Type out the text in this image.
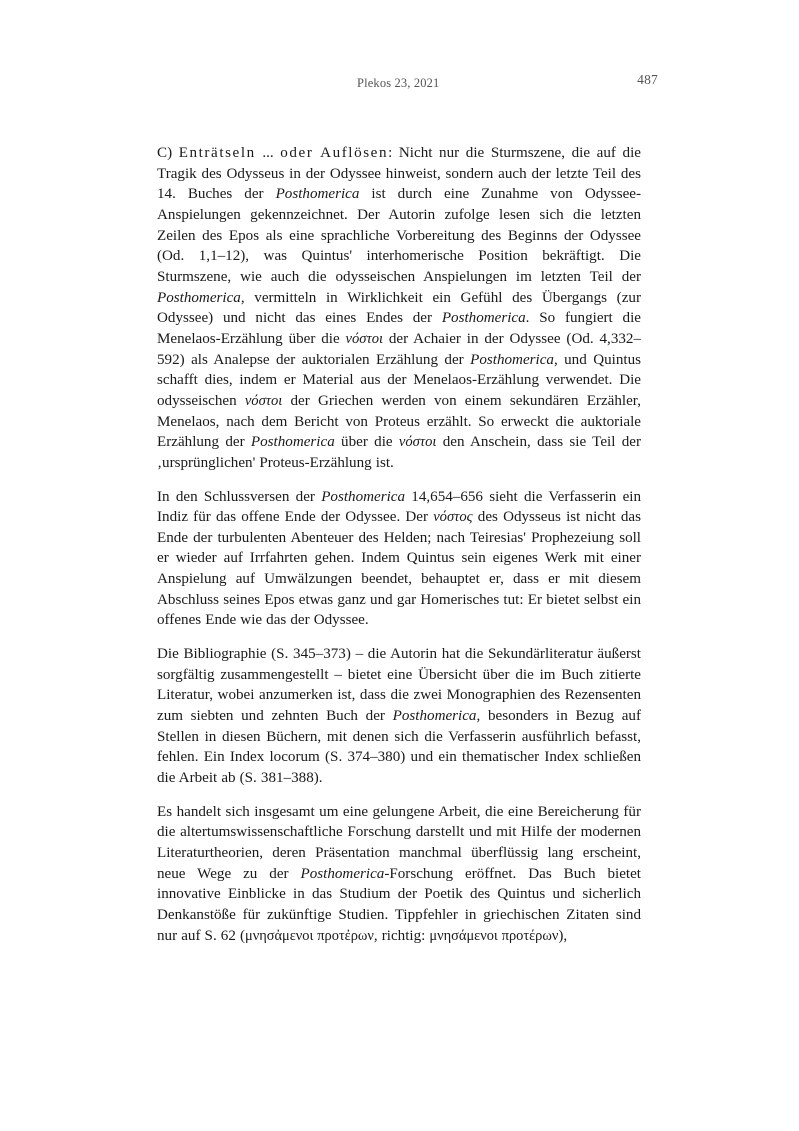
Plekos 23, 2021	487

C) Enträtseln ... oder Auflösen: Nicht nur die Sturmszene, die auf die Tragik des Odysseus in der Odyssee hinweist, sondern auch der letzte Teil des 14. Buches der Posthomerica ist durch eine Zunahme von Odyssee-Anspielungen gekennzeichnet. Der Autorin zufolge lesen sich die letzten Zeilen des Epos als eine sprachliche Vorbereitung des Beginns der Odyssee (Od. 1,1–12), was Quintus' interhomerische Position bekräftigt. Die Sturmszene, wie auch die odysseischen Anspielungen im letzten Teil der Posthomerica, vermitteln in Wirklichkeit ein Gefühl des Übergangs (zur Odyssee) und nicht das eines Endes der Posthomerica. So fungiert die Menelaos-Erzählung über die νόστοι der Achaier in der Odyssee (Od. 4,332–592) als Analepse der auktorialen Erzählung der Posthomerica, und Quintus schafft dies, indem er Material aus der Menelaos-Erzählung verwendet. Die odysseischen νόστοι der Griechen werden von einem sekundären Erzähler, Menelaos, nach dem Bericht von Proteus erzählt. So erweckt die auktoriale Erzählung der Posthomerica über die νόστοι den Anschein, dass sie Teil der ‚ursprünglichen' Proteus-Erzählung ist.

In den Schlussversen der Posthomerica 14,654–656 sieht die Verfasserin ein Indiz für das offene Ende der Odyssee. Der νόστος des Odysseus ist nicht das Ende der turbulenten Abenteuer des Helden; nach Teiresias' Prophezeiung soll er wieder auf Irrfahrten gehen. Indem Quintus sein eigenes Werk mit einer Anspielung auf Umwälzungen beendet, behauptet er, dass er mit diesem Abschluss seines Epos etwas ganz und gar Homerisches tut: Er bietet selbst ein offenes Ende wie das der Odyssee.

Die Bibliographie (S. 345–373) – die Autorin hat die Sekundärliteratur äußerst sorgfältig zusammengestellt – bietet eine Übersicht über die im Buch zitierte Literatur, wobei anzumerken ist, dass die zwei Monographien des Rezensenten zum siebten und zehnten Buch der Posthomerica, besonders in Bezug auf Stellen in diesen Büchern, mit denen sich die Verfasserin ausführlich befasst, fehlen. Ein Index locorum (S. 374–380) und ein thematischer Index schließen die Arbeit ab (S. 381–388).

Es handelt sich insgesamt um eine gelungene Arbeit, die eine Bereicherung für die altertumswissenschaftliche Forschung darstellt und mit Hilfe der modernen Literaturtheorien, deren Präsentation manchmal überflüssig lang erscheint, neue Wege zu der Posthomerica-Forschung eröffnet. Das Buch bietet innovative Einblicke in das Studium der Poetik des Quintus und sicherlich Denkanstöße für zukünftige Studien. Tippfehler in griechischen Zitaten sind nur auf S. 62 (μνησἀμενοι προτἐρων, richtig: μνησάμενοι προτέρων),
